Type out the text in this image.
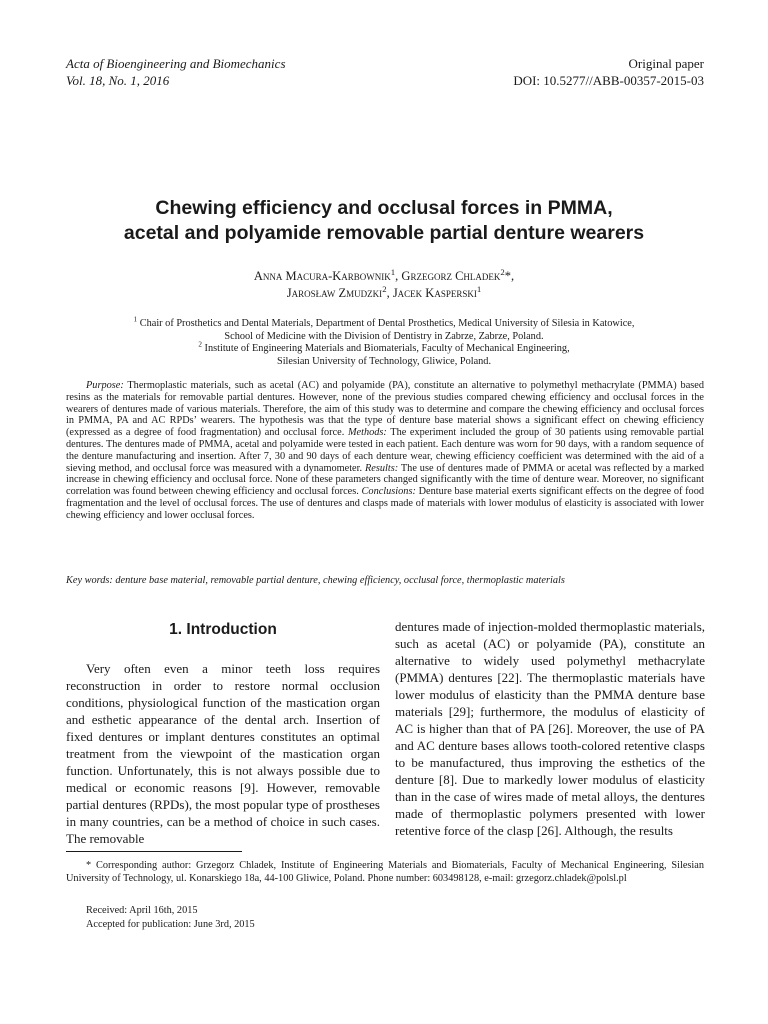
Acta of Bioengineering and Biomechanics
Vol. 18, No. 1, 2016
Original paper
DOI: 10.5277//ABB-00357-2015-03
Chewing efficiency and occlusal forces in PMMA,
acetal and polyamide removable partial denture wearers
Anna Macura-Karbownik$^1$, Grzegorz Chladek$^2$*,
Jarosław Zmudzki$^2$, Jacek Kasperski$^1$
$^1$ Chair of Prosthetics and Dental Materials, Department of Dental Prosthetics, Medical University of Silesia in Katowice,
School of Medicine with the Division of Dentistry in Zabrze, Zabrze, Poland.
$^2$ Institute of Engineering Materials and Biomaterials, Faculty of Mechanical Engineering,
Silesian University of Technology, Gliwice, Poland.

Purpose: Thermoplastic materials, such as acetal (AC) and polyamide (PA), constitute an alternative to polymethyl methacrylate (PMMA) based resins as the materials for removable partial dentures. However, none of the previous studies compared chewing efficiency and occlusal forces in the wearers of dentures made of various materials. Therefore, the aim of this study was to determine and compare the chewing efficiency and occlusal forces in PMMA, PA and AC RPDs’ wearers. The hypothesis was that the type of denture base material shows a significant effect on chewing efficiency (expressed as a degree of food fragmentation) and occlusal force. Methods: The experiment included the group of 30 patients using removable partial dentures. The dentures made of PMMA, acetal and polyamide were tested in each patient. Each denture was worn for 90 days, with a random sequence of the denture manufacturing and insertion. After 7, 30 and 90 days of each denture wear, chewing efficiency coefficient was determined with the aid of a sieving method, and occlusal force was measured with a dynamometer. Results: The use of dentures made of PMMA or acetal was reflected by a marked increase in chewing efficiency and occlusal force. None of these parameters changed significantly with the time of denture wear. Moreover, no significant correlation was found between chewing efficiency and occlusal forces. Conclusions: Denture base material exerts significant effects on the degree of food fragmentation and the level of occlusal forces. The use of dentures and clasps made of materials with lower modulus of elasticity is associated with lower chewing efficiency and lower occlusal forces.

Key words: denture base material, removable partial denture, chewing efficiency, occlusal force, thermoplastic materials
1. Introduction

Very often even a minor teeth loss requires reconstruction in order to restore normal occlusion conditions, physiological function of the mastication organ and esthetic appearance of the dental arch. Insertion of fixed dentures or implant dentures constitutes an optimal treatment from the viewpoint of the mastication organ function. Unfortunately, this is not always possible due to medical or economic reasons [9]. However, removable partial dentures (RPDs), the most popular type of prostheses in many countries, can be a method of choice in such cases. The removable

dentures made of injection-molded thermoplastic materials, such as acetal (AC) or polyamide (PA), constitute an alternative to widely used polymethyl methacrylate (PMMA) dentures [22]. The thermoplastic materials have lower modulus of elasticity than the PMMA denture base materials [29]; furthermore, the modulus of elasticity of AC is higher than that of PA [26]. Moreover, the use of PA and AC denture bases allows tooth-colored retentive clasps to be manufactured, thus improving the esthetics of the denture [8]. Due to markedly lower modulus of elasticity than in the case of wires made of metal alloys, the dentures made of thermoplastic polymers presented with lower retentive force of the clasp [26]. Although, the results

* Corresponding author: Grzegorz Chladek, Institute of Engineering Materials and Biomaterials, Faculty of Mechanical Engineering, Silesian University of Technology, ul. Konarskiego 18a, 44-100 Gliwice, Poland. Phone number: 603498128, e-mail: grzegorz.chladek@polsl.pl

Received: April 16th, 2015
Accepted for publication: June 3rd, 2015
